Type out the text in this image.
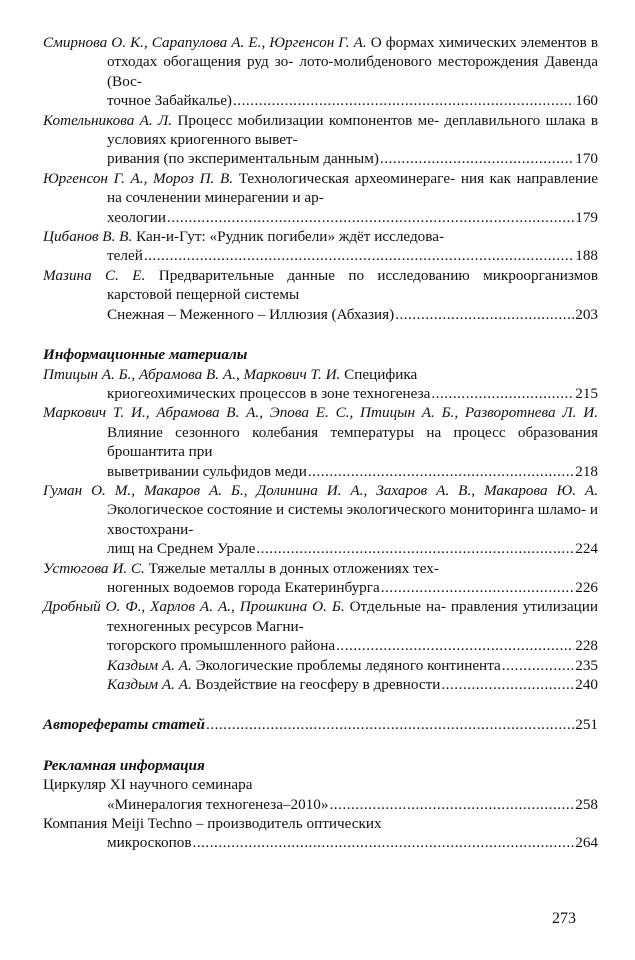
Смирнова О. К., Сарапулова А. Е., Юргенсон Г. А. О формах химических элементов в отходах обогащения руд зо- лото-молибденового месторождения Давенда (Вос-
точное Забайкалье) .....	160
Котельникова А. Л. Процесс мобилизации компонентов ме- деплавильного шлака в условиях криогенного вывет-
ривания (по экспериментальным данным) .....	170
Юргенсон Г. А., Мороз П. В. Технологическая археоминерагe- ния как направление на сочленении минерагении и ар-
хеологии .....	179
Цибанов В. В. Кан-и-Гут: «Рудник погибели» ждёт исследова-
телей .....	188
Мазина С. Е. Предварительные данные по исследованию микроорганизмов карстовой пещерной системы
Снежная – Меженного – Иллюзия (Абхазия) .....	203
Информационные материалы
Птицын А. Б., Абрамова В. А., Маркович Т. И. Специфика
криогеохимических процессов в зоне техногенеза .....	215
Маркович Т. И., Абрамова В. А., Эпова Е. С., Птицын А. Б., Разворотнева Л. И. Влияние сезонного колебания температуры на процесс образования брошантита при
выветривании сульфидов меди .....	218
Гуман О. М., Макаров А. Б., Долинина И. А., Захаров А. В., Макарова Ю. А. Экологическое состояние и системы экологического мониторинга шламо- и хвостохрани-
лищ на Среднем Урале .....	224
Устюгова И. С. Тяжелые металлы в донных отложениях тех-
ногенных водоемов города Екатеринбурга .....	226
Дробный О. Ф., Харлов А. А., Прошкина О. Б. Отдельные на- правления утилизации техногенных ресурсов Магни-
тогорского промышленного района .....	228
Каздым А. А. Экологические проблемы ледяного континента .....	235
Каздым А. А. Воздействие на геосферу в древности .....	240
Авторефераты статей .....	251
Рекламная информация
Циркуляр XI научного семинара
«Минералогия техногенеза–2010» .....	258
Компания Meiji Techno – производитель оптических
микроскопов .....	264
273
